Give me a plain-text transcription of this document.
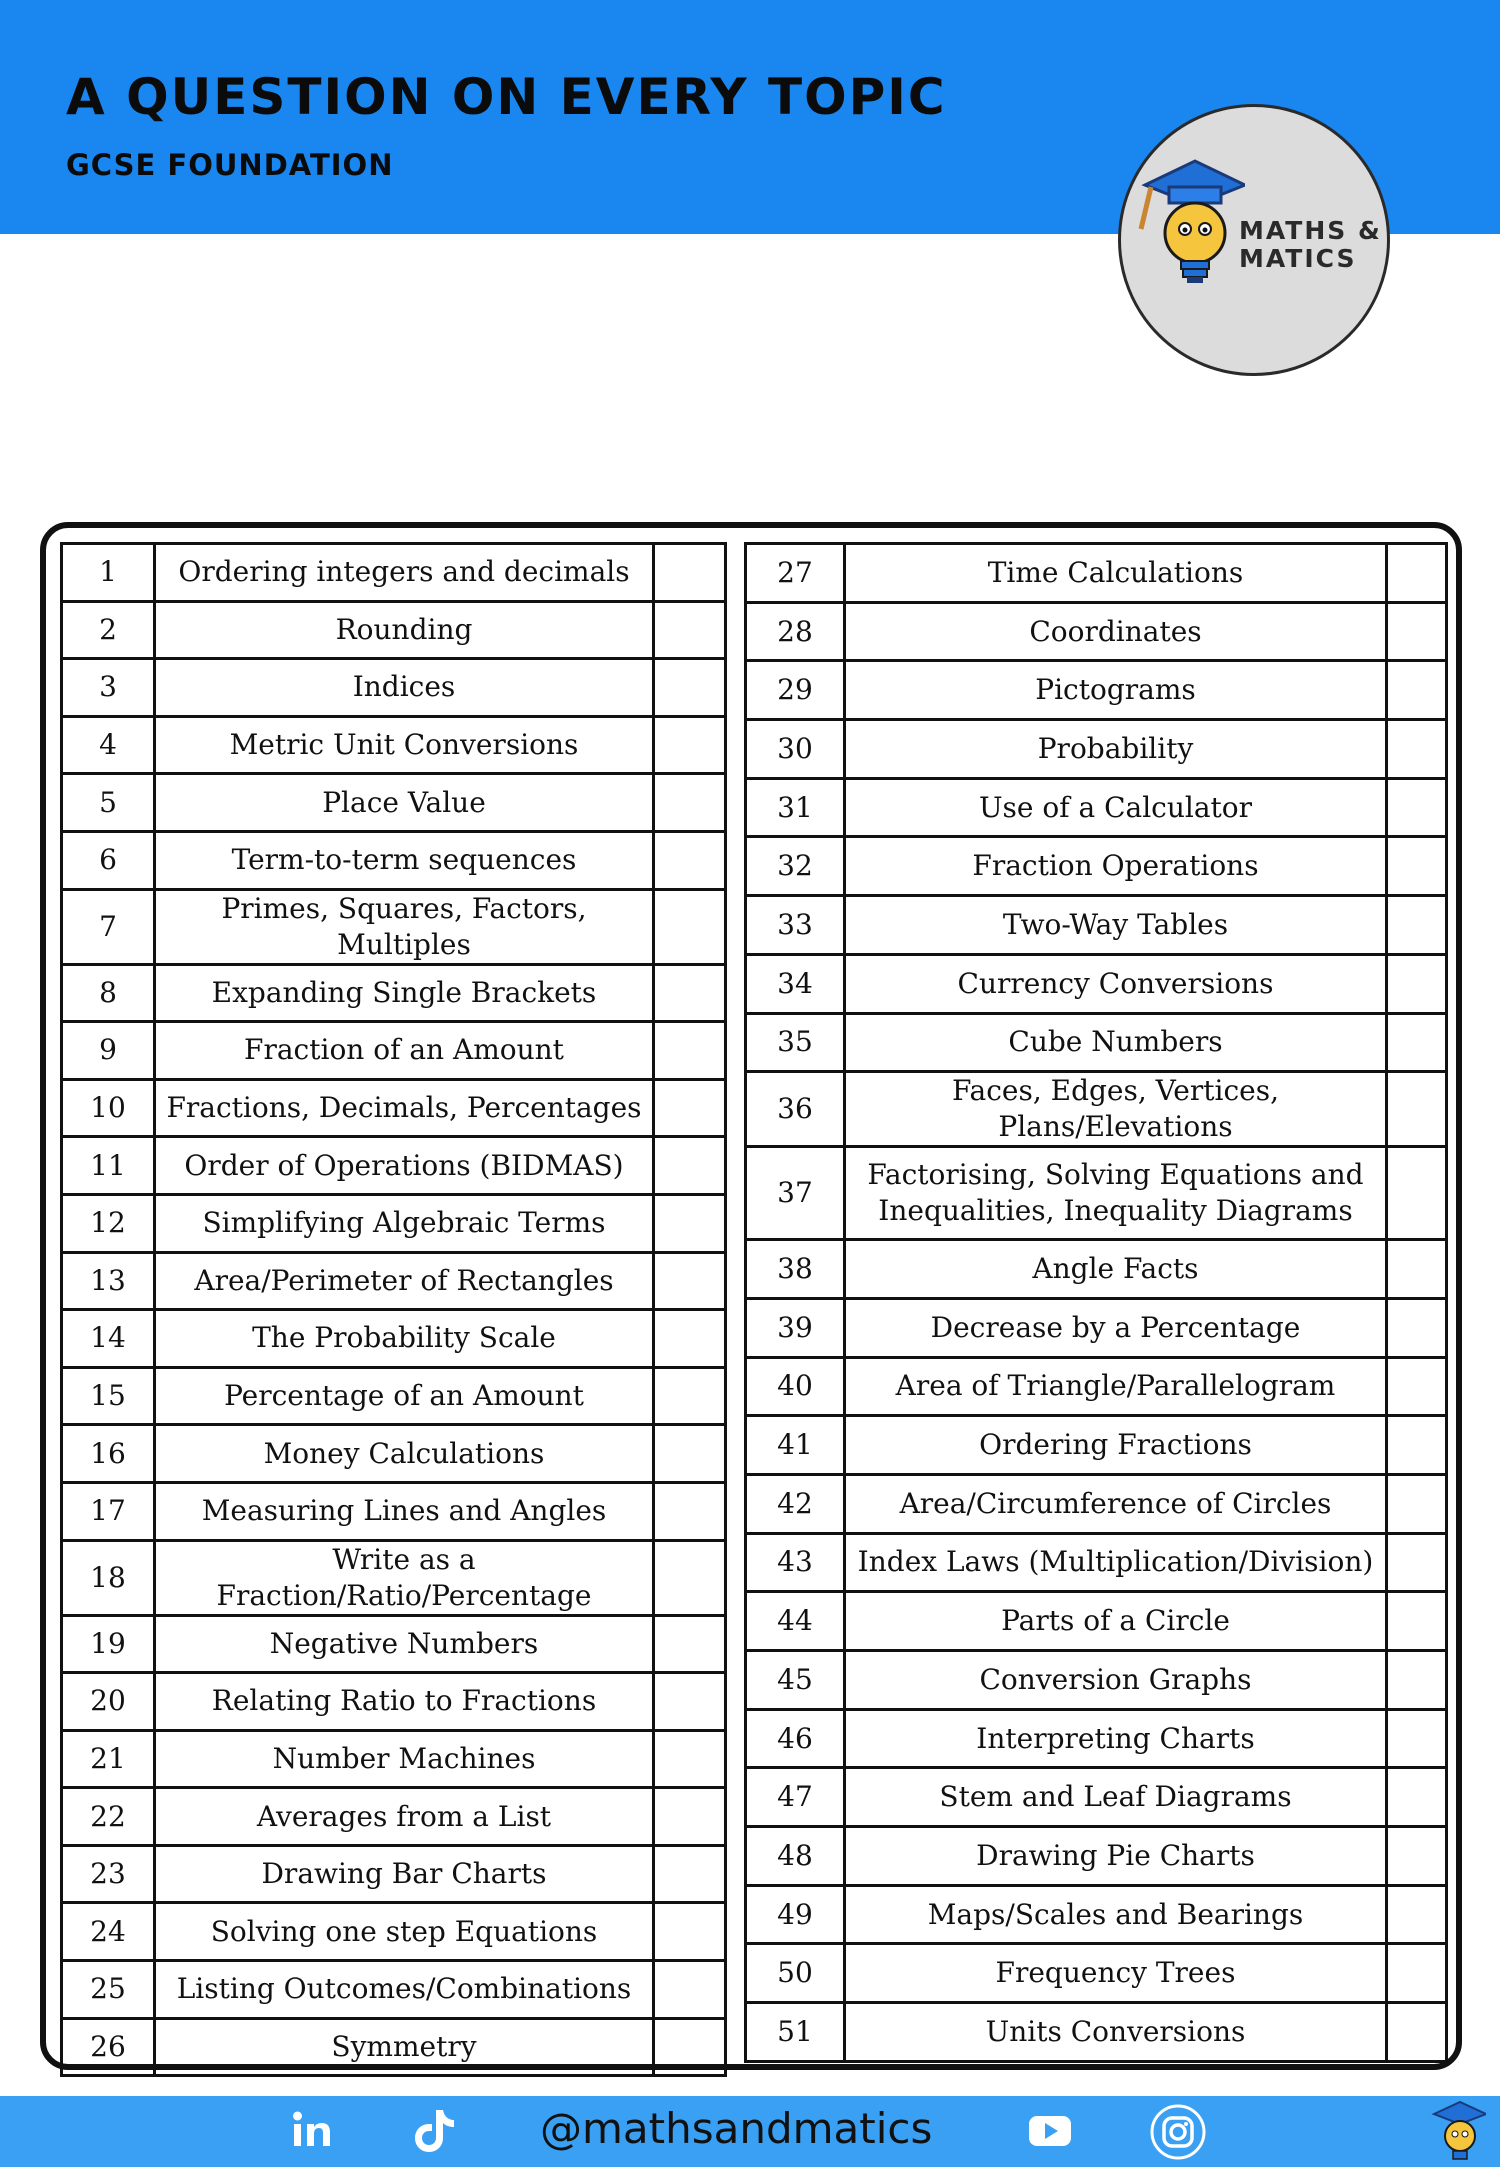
A QUESTION ON EVERY TOPIC
GCSE FOUNDATION
MATHS & MATICS
1	Ordering integers and decimals	
2	Rounding	
3	Indices	
4	Metric Unit Conversions	
5	Place Value	
6	Term-to-term sequences	
7	Primes, Squares, Factors, Multiples	
8	Expanding Single Brackets	
9	Fraction of an Amount	
10	Fractions, Decimals, Percentages	
11	Order of Operations (BIDMAS)	
12	Simplifying Algebraic Terms	
13	Area/Perimeter of Rectangles	
14	The Probability Scale	
15	Percentage of an Amount	
16	Money Calculations	
17	Measuring Lines and Angles	
18	Write as a Fraction/Ratio/Percentage	
19	Negative Numbers	
20	Relating Ratio to Fractions	
21	Number Machines	
22	Averages from a List	
23	Drawing Bar Charts	
24	Solving one step Equations	
25	Listing Outcomes/Combinations	
26	Symmetry	
27	Time Calculations	
28	Coordinates	
29	Pictograms	
30	Probability	
31	Use of a Calculator	
32	Fraction Operations	
33	Two-Way Tables	
34	Currency Conversions	
35	Cube Numbers	
36	Faces, Edges, Vertices, Plans/Elevations	
37	Factorising, Solving Equations and Inequalities, Inequality Diagrams	
38	Angle Facts	
39	Decrease by a Percentage	
40	Area of Triangle/Parallelogram	
41	Ordering Fractions	
42	Area/Circumference of Circles	
43	Index Laws (Multiplication/Division)	
44	Parts of a Circle	
45	Conversion Graphs	
46	Interpreting Charts	
47	Stem and Leaf Diagrams	
48	Drawing Pie Charts	
49	Maps/Scales and Bearings	
50	Frequency Trees	
51	Units Conversions	
@mathsandmatics
